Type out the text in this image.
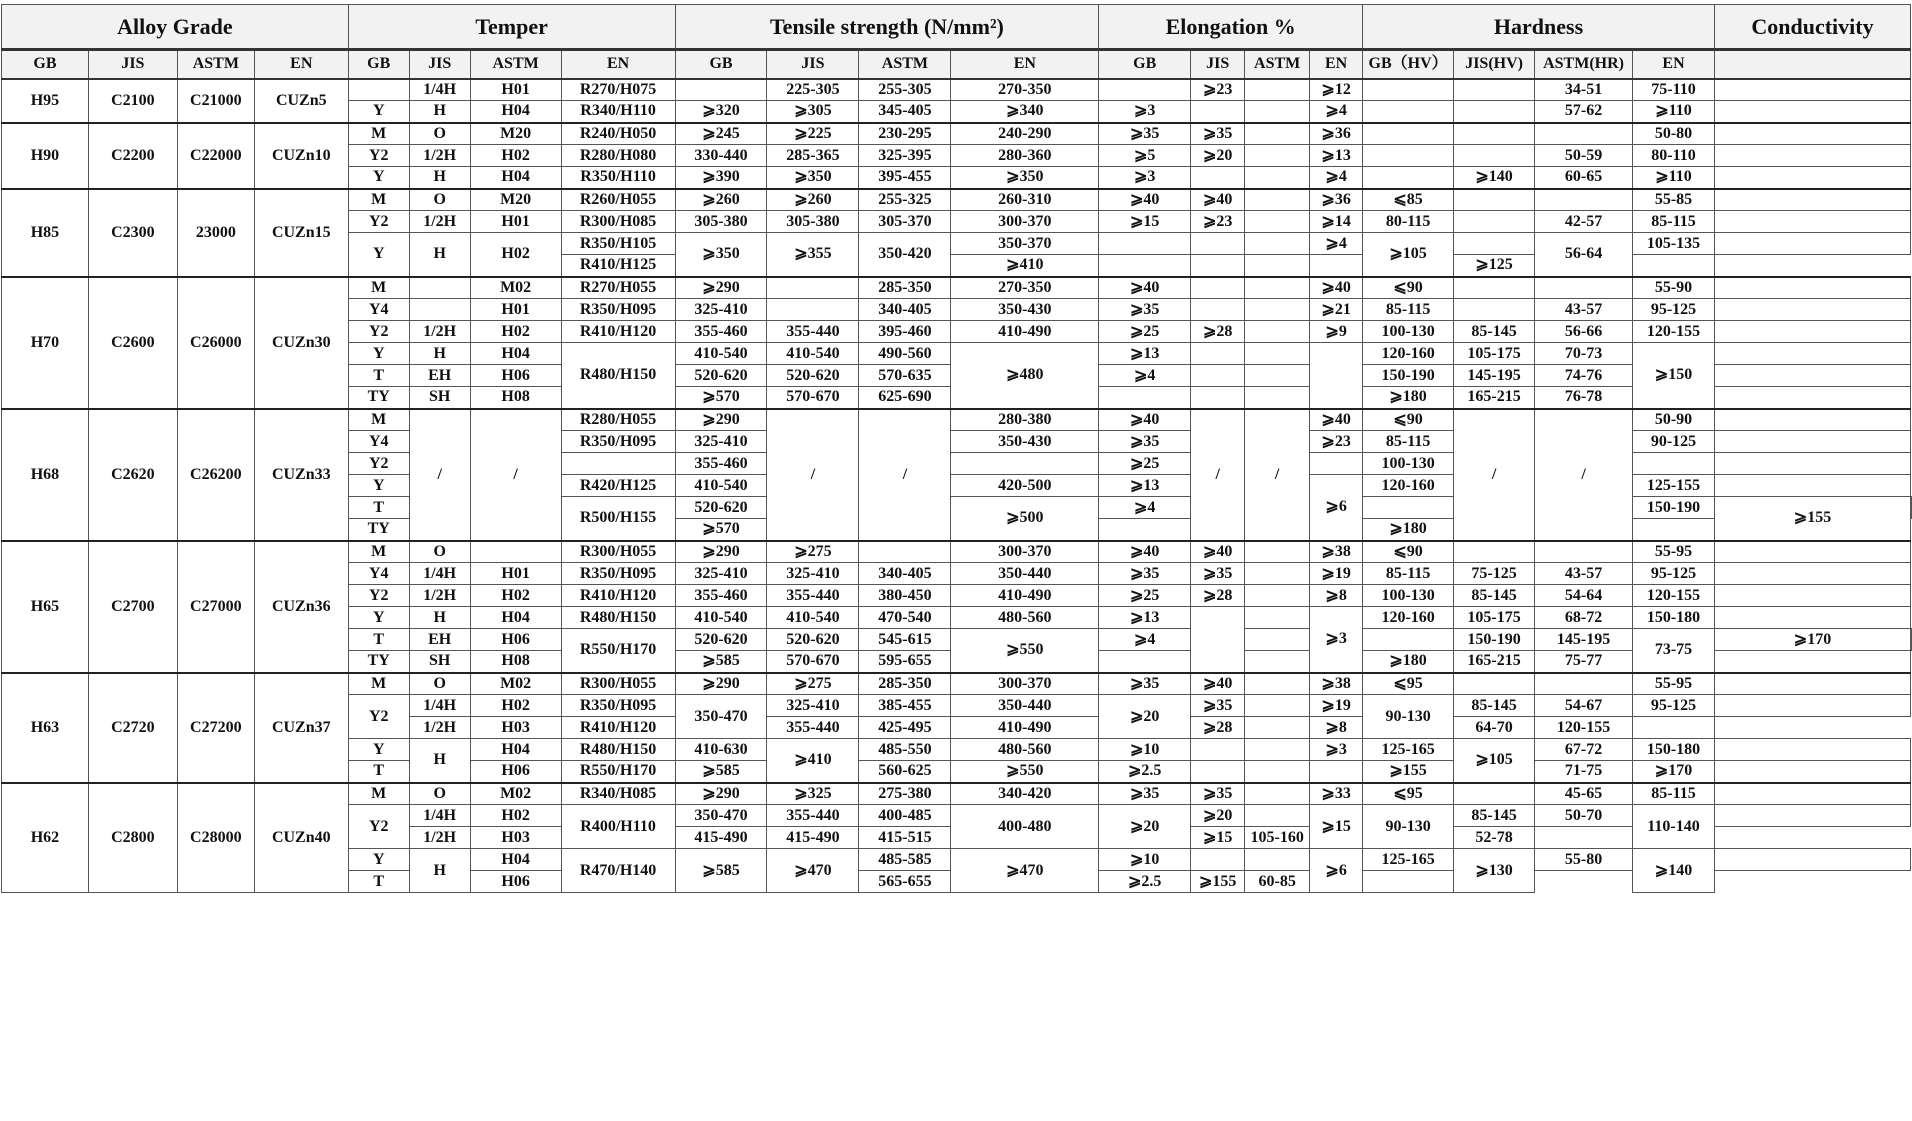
Alloy Grade				Temper				Tensile strength (N/mm²)				Elongation %				Hardness				Conductivity	
GB	JIS	ASTM	EN	GB	JIS	ASTM	EN	GB	JIS	ASTM	EN	GB	JIS	ASTM	EN	GB（HV）	JIS(HV)	ASTM(HR)	EN		
H95	C2100	C21000	CUZn5		1/4H	H01	R270/H075		225-305	255-305	270-350		⩾23		⩾12			34-51	75-110		
				Y	H	H04	R340/H110	⩾320	⩾305	345-405	⩾340	⩾3			⩾4			57-62	⩾110		
H90	C2200	C22000	CUZn10	M	O	M20	R240/H050	⩾245	⩾225	230-295	240-290	⩾35	⩾35		⩾36				50-80		
				Y2	1/2H	H02	R280/H080	330-440	285-365	325-395	280-360	⩾5	⩾20		⩾13			50-59	80-110		
				Y	H	H04	R350/H110	⩾390	⩾350	395-455	⩾350	⩾3			⩾4		⩾140	60-65	⩾110		
H85	C2300	23000	CUZn15	M	O	M20	R260/H055	⩾260	⩾260	255-325	260-310	⩾40	⩾40		⩾36	⩽85			55-85		
				Y2	1/2H	H01	R300/H085	305-380	305-380	305-370	300-370	⩾15	⩾23		⩾14	80-115		42-57	85-115		
				Y	H	H02	R350/H105	⩾350	⩾355	350-420	350-370				⩾4	⩾105		56-64	105-135		
							R410/H125				⩾410						⩾125				
H70	C2600	C26000	CUZn30	M		M02	R270/H055	⩾290		285-350	270-350	⩾40			⩾40	⩽90			55-90		
				Y4		H01	R350/H095	325-410		340-405	350-430	⩾35			⩾21	85-115		43-57	95-125		
				Y2	1/2H	H02	R410/H120	355-460	355-440	395-460	410-490	⩾25	⩾28		⩾9	100-130	85-145	56-66	120-155		
				Y	H	H04	R480/H150	410-540	410-540	490-560	⩾480	⩾13				120-160	105-175	70-73	⩾150		
				T	EH	H06		520-620	520-620	570-635		⩾4				150-190	145-195	74-76			
				TY	SH	H08		⩾570	570-670	625-690						⩾180	165-215	76-78			
H68	C2620	C26200	CUZn33	M	/	/	R280/H055	⩾290	/	/	280-380	⩾40	/	/	⩾40	⩽90	/	/	50-90		
				Y4			R350/H095	325-410			350-430	⩾35			⩾23	85-115			90-125		
				Y2				355-460				⩾25				100-130					
				Y			R420/H125	410-540			420-500	⩾13			⩾6	120-160			125-155		
				T			R500/H155	520-620			⩾500	⩾4							150-190	⩾155	
				TY				⩾570								⩾180					
H65	C2700	C27000	CUZn36	M	O		R300/H055	⩾290	⩾275		300-370	⩾40	⩾40		⩾38	⩽90			55-95		
				Y4	1/4H	H01	R350/H095	325-410	325-410	340-405	350-440	⩾35	⩾35		⩾19	85-115	75-125	43-57	95-125		
				Y2	1/2H	H02	R410/H120	355-460	355-440	380-450	410-490	⩾25	⩾28		⩾8	100-130	85-145	54-64	120-155		
				Y	H	H04	R480/H150	410-540	410-540	470-540	480-560	⩾13			⩾3	120-160	105-175	68-72	150-180		
				T	EH	H06	R550/H170	520-620	520-620	545-615	⩾550	⩾4					150-190	145-195	73-75	⩾170	
				TY	SH	H08		⩾585	570-670	595-655						⩾180	165-215	75-77			
H63	C2720	C27200	CUZn37	M	O	M02	R300/H055	⩾290	⩾275	285-350	300-370	⩾35	⩾40		⩾38	⩽95			55-95		
				Y2	1/4H	H02	R350/H095	350-470	325-410	385-455	350-440	⩾20	⩾35		⩾19	90-130	85-145	54-67	95-125		
					1/2H	H03	R410/H120		355-440	425-495	410-490		⩾28		⩾8		64-70	120-155			
				Y	H	H04	R480/H150	410-630	⩾410	485-550	480-560	⩾10			⩾3	125-165	⩾105	67-72	150-180		
				T		H06	R550/H170	⩾585		560-625	⩾550	⩾2.5				⩾155		71-75	⩾170		
H62	C2800	C28000	CUZn40	M	O	M02	R340/H085	⩾290	⩾325	275-380	340-420	⩾35	⩾35		⩾33	⩽95		45-65	85-115		
				Y2	1/4H	H02	R400/H110	350-470	355-440	400-485	400-480	⩾20	⩾20		⩾15	90-130	85-145	50-70	110-140		
					1/2H	H03		415-490	415-490	415-515			⩾15	105-160			52-78				
				Y	H	H04	R470/H140	⩾585	⩾470	485-585	⩾470	⩾10			⩾6	125-165	⩾130	55-80	⩾140		
				T		H06				565-655		⩾2.5	⩾155	60-85							
